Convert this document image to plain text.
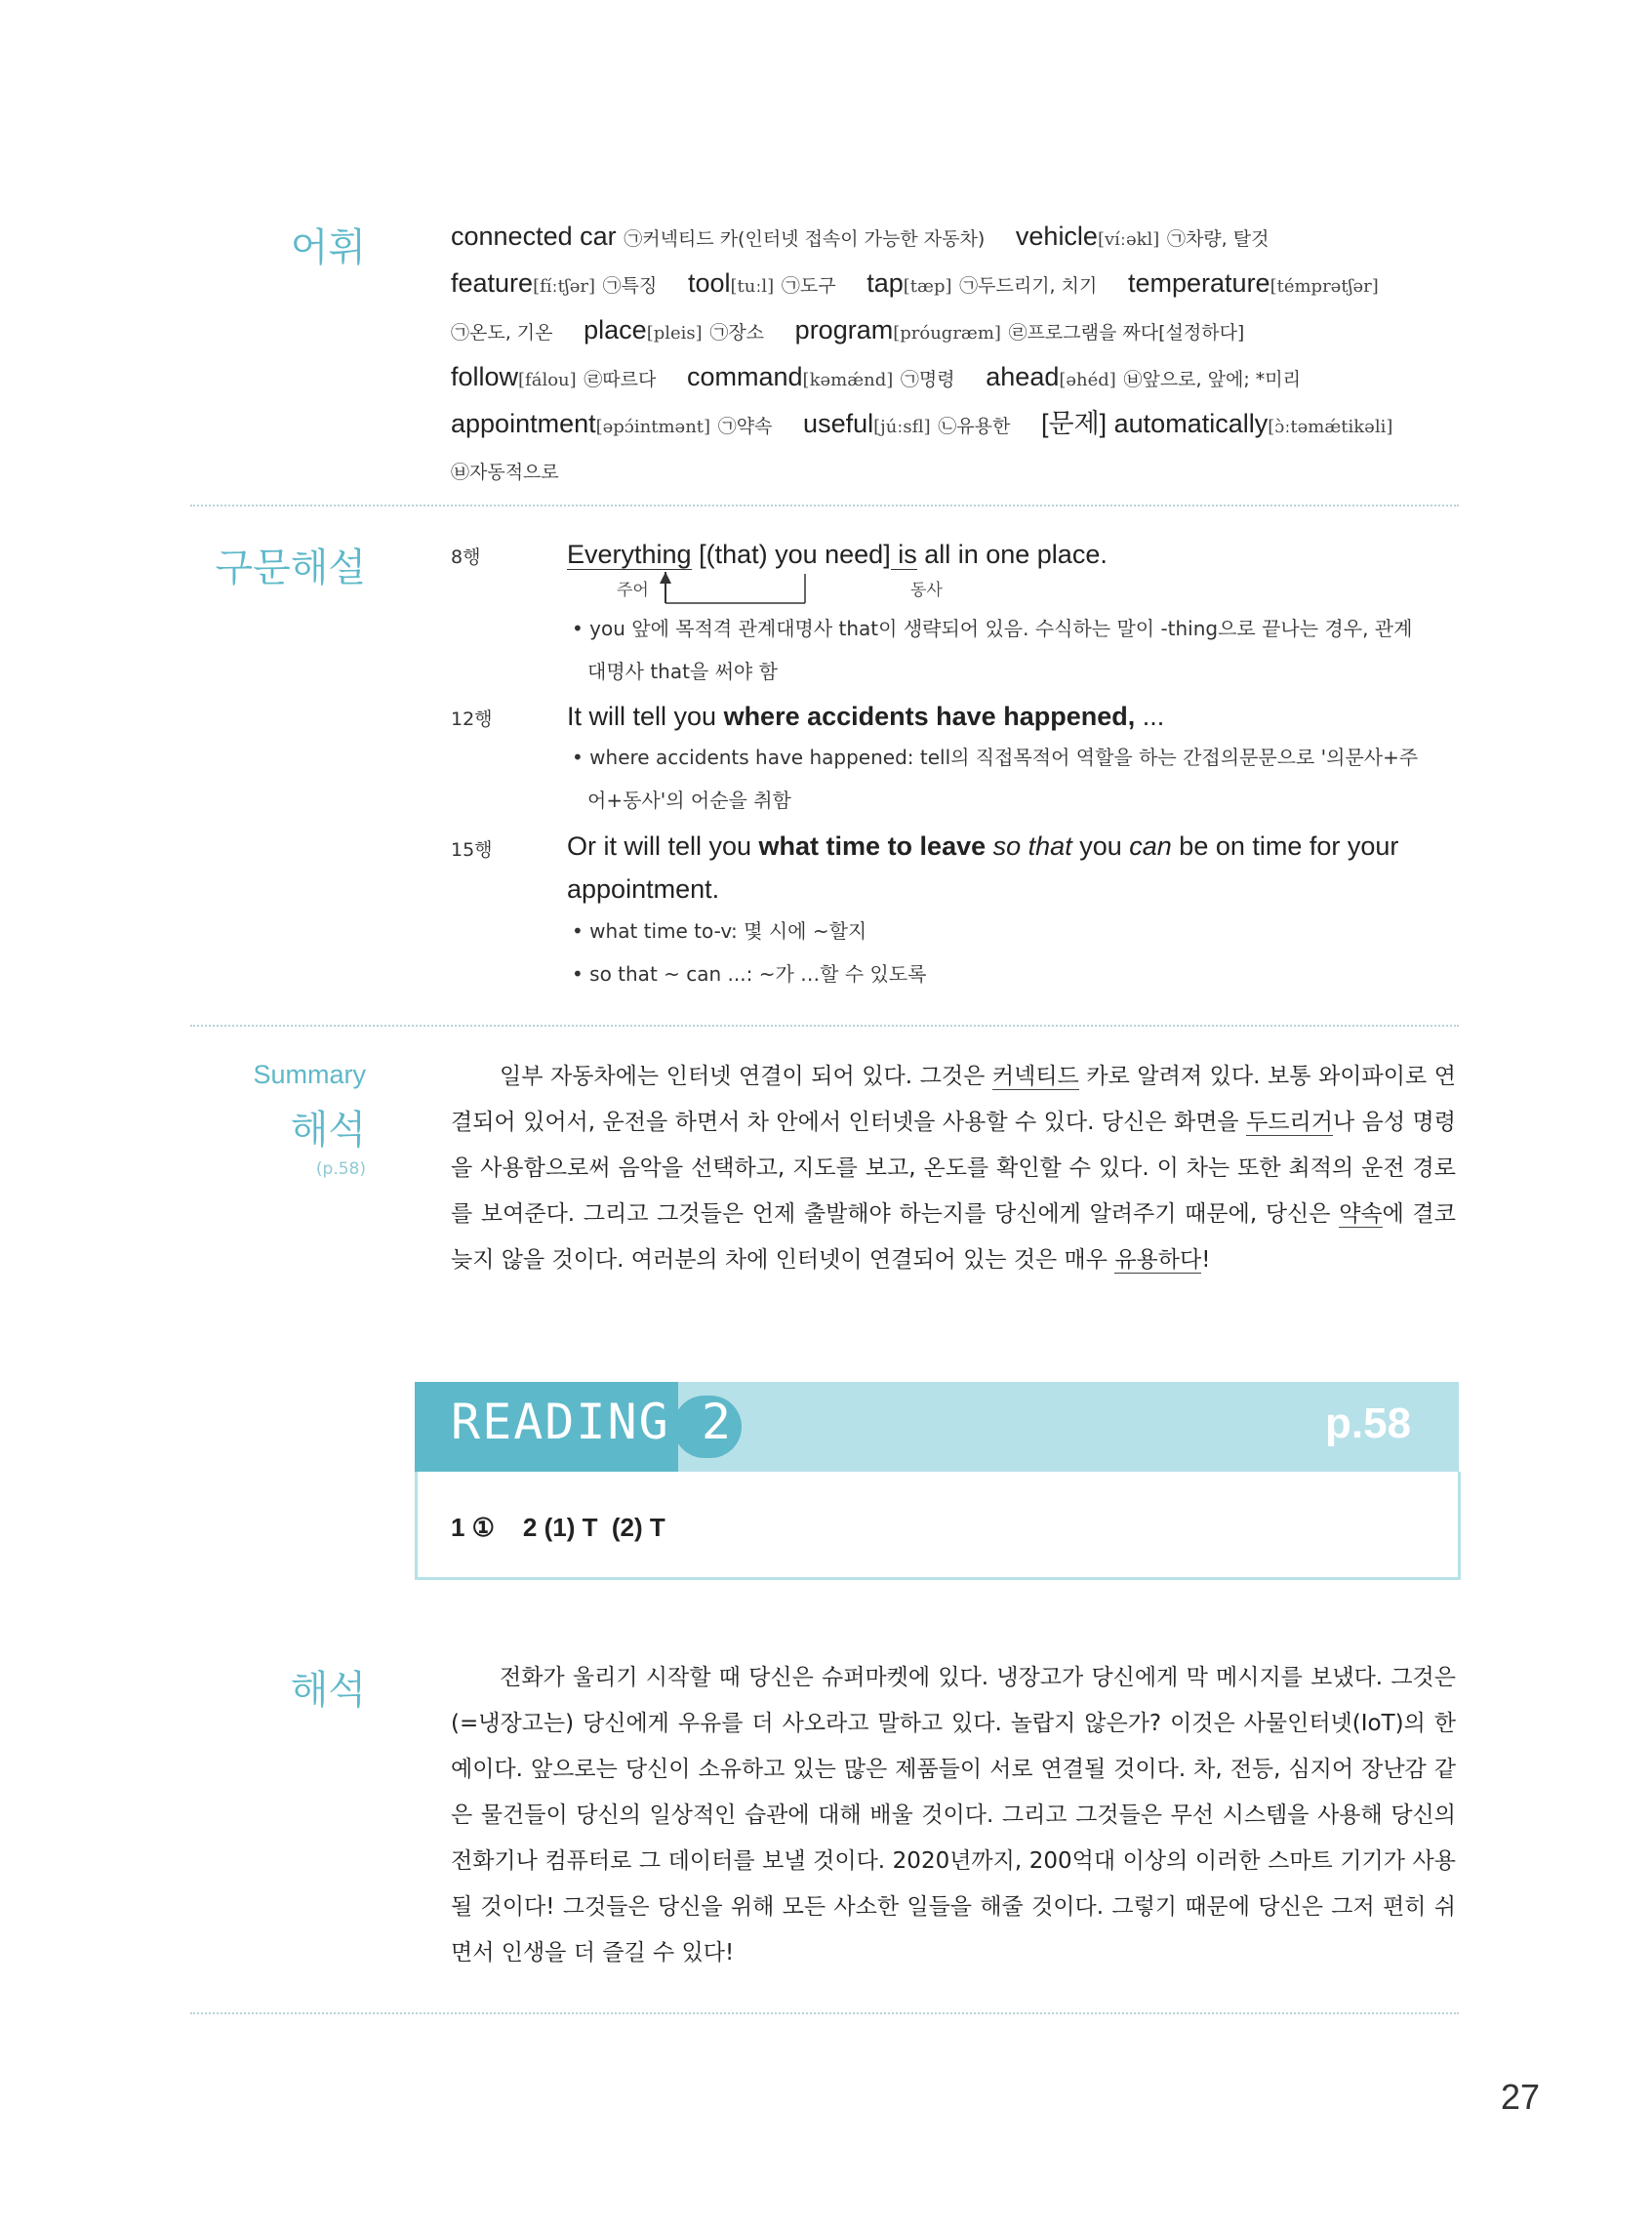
어휘	connected car ㉠커넥티드 카(인터넷 접속이 가능한 자동차) vehicle[víːəkl] ㉠차량, 탈것
feature[fíːtʃər] ㉠특징 tool[tuːl] ㉠도구 tap[tæp] ㉠두드리기, 치기 temperature[témprətʃər]
㉠온도, 기온 place[pleis] ㉠장소 program[próugræm] ㉣프로그램을 짜다[설정하다]
follow[fálou] ㉣따르다 command[kəmǽnd] ㉠명령 ahead[əhéd] ㉥앞으로, 앞에; *미리
appointment[əpɔ́intmənt] ㉠약속 useful[júːsfl] ㉡유용한 [문제] automatically[ɔ̀ːtəmǽtikəli]
㉥자동적으로
구문해설	8행	Everything [(that) you need] is all in one place.
주어	동사
• you 앞에 목적격 관계대명사 that이 생략되어 있음. 수식하는 말이 -thing으로 끝나는 경우, 관계
대명사 that을 써야 함
12행	It will tell you where accidents have happened, ...
• where accidents have happened: tell의 직접목적어 역할을 하는 간접의문문으로 '의문사+주
어+동사'의 어순을 취함
15행	Or it will tell you what time to leave so that you can be on time for your
appointment.
• what time to-v: 몇 시에 ~할지
• so that ~ can ...: ~가 …할 수 있도록
Summary
해석
(p.58)
일부 자동차에는 인터넷 연결이 되어 있다. 그것은 커넥티드 카로 알려져 있다. 보통 와이파이로 연결되어 있어서, 운전을 하면서 차 안에서 인터넷을 사용할 수 있다. 당신은 화면을 두드리거나 음성 명령을 사용함으로써 음악을 선택하고, 지도를 보고, 온도를 확인할 수 있다. 이 차는 또한 최적의 운전 경로를 보여준다. 그리고 그것들은 언제 출발해야 하는지를 당신에게 알려주기 때문에, 당신은 약속에 결코 늦지 않을 것이다. 여러분의 차에 인터넷이 연결되어 있는 것은 매우 유용하다!
READING 2	p.58
1 ①    2 (1) T  (2) T
해석	전화가 울리기 시작할 때 당신은 슈퍼마켓에 있다. 냉장고가 당신에게 막 메시지를 보냈다. 그것은(=냉장고는) 당신에게 우유를 더 사오라고 말하고 있다. 놀랍지 않은가? 이것은 사물인터넷(IoT)의 한 예이다. 앞으로는 당신이 소유하고 있는 많은 제품들이 서로 연결될 것이다. 차, 전등, 심지어 장난감 같은 물건들이 당신의 일상적인 습관에 대해 배울 것이다. 그리고 그것들은 무선 시스템을 사용해 당신의 전화기나 컴퓨터로 그 데이터를 보낼 것이다. 2020년까지, 200억대 이상의 이러한 스마트 기기가 사용될 것이다! 그것들은 당신을 위해 모든 사소한 일들을 해줄 것이다. 그렇기 때문에 당신은 그저 편히 쉬면서 인생을 더 즐길 수 있다!
27
